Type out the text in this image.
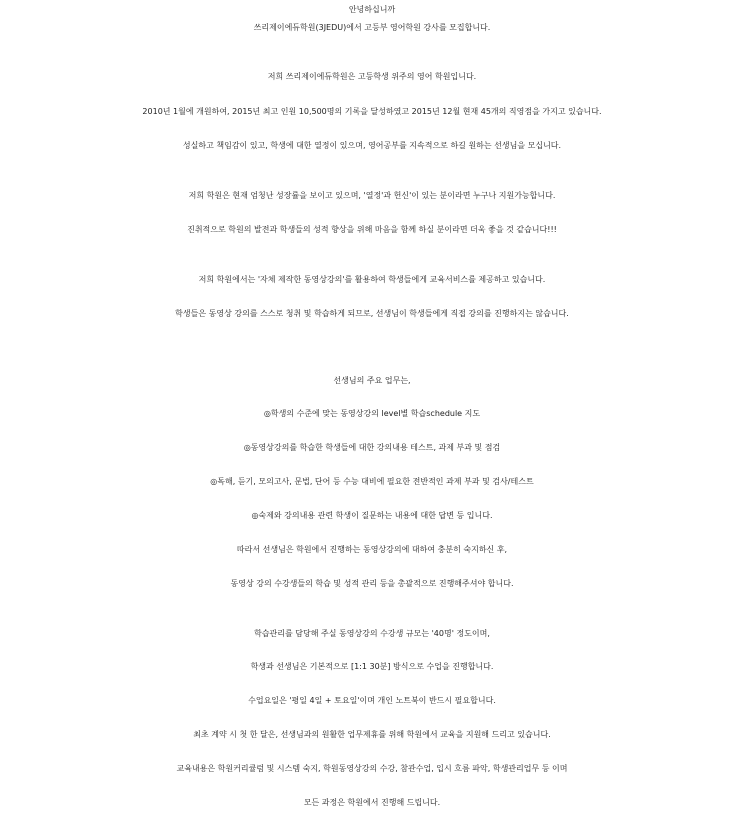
안녕하십니까
쓰리제이에듀학원(3JEDU)에서 고등부 영어학원 강사를 모집합니다.
저희 쓰리제이에듀학원은 고등학생 위주의 영어 학원입니다.
2010년 1월에 개원하여, 2015년 최고 인원 10,500명의 기록을 달성하였고 2015년 12월 현재 45개의 직영점을 가지고 있습니다.
성실하고 책임감이 있고, 학생에 대한 열정이 있으며, 영어공부를 지속적으로 하길 원하는 선생님을 모십니다.
저희 학원은 현재 엄청난 성장률을 보이고 있으며, '열정'과 헌신'이 있는 분이라면 누구나 지원가능합니다.
진취적으로 학원의 발전과 학생들의 성적 향상을 위해 마음을 함께 하실 분이라면 더욱 좋을 것 같습니다!!!
저희 학원에서는 '자체 제작한 동영상강의'를 활용하여 학생들에게 교육서비스를 제공하고 있습니다.
학생들은 동영상 강의를 스스로 청취 및 학습하게 되므로, 선생님이 학생들에게 직접 강의를 진행하지는 않습니다.
선생님의 주요 업무는,
◎학생의 수준에 맞는 동영상강의 level별 학습schedule 지도
◎동영상강의를 학습한 학생들에 대한 강의내용 테스트, 과제 부과 및 점검
◎독해, 듣기, 모의고사, 문법, 단어 등 수능 대비에 필요한 전반적인 과제 부과 및 검사/테스트
◎숙제와 강의내용 관련 학생이 질문하는 내용에 대한 답변 등 입니다.
따라서 선생님은 학원에서 진행하는 동영상강의에 대하여 충분히 숙지하신 후,
동영상 강의 수강생들의 학습 및 성적 관리 등을 총괄적으로 진행해주셔야 합니다.
학습관리를 담당해 주실 동영상강의 수강생 규모는 '40명' 정도이며,
학생과 선생님은 기본적으로 [1:1 30분] 방식으로 수업을 진행합니다.
수업요일은 '평일 4일 + 토요일'이며 개인 노트북이 반드시 필요합니다.
최초 계약 시 첫 한 달은, 선생님과의 원활한 업무제휴를 위해 학원에서 교육을 지원해 드리고 있습니다.
교육내용은 학원커리큘럼 및 시스템 숙지, 학원동영상강의 수강, 참관수업, 입시 흐름 파악, 학생관리업무 등 이며
모든 과정은 학원에서 진행해 드립니다.
